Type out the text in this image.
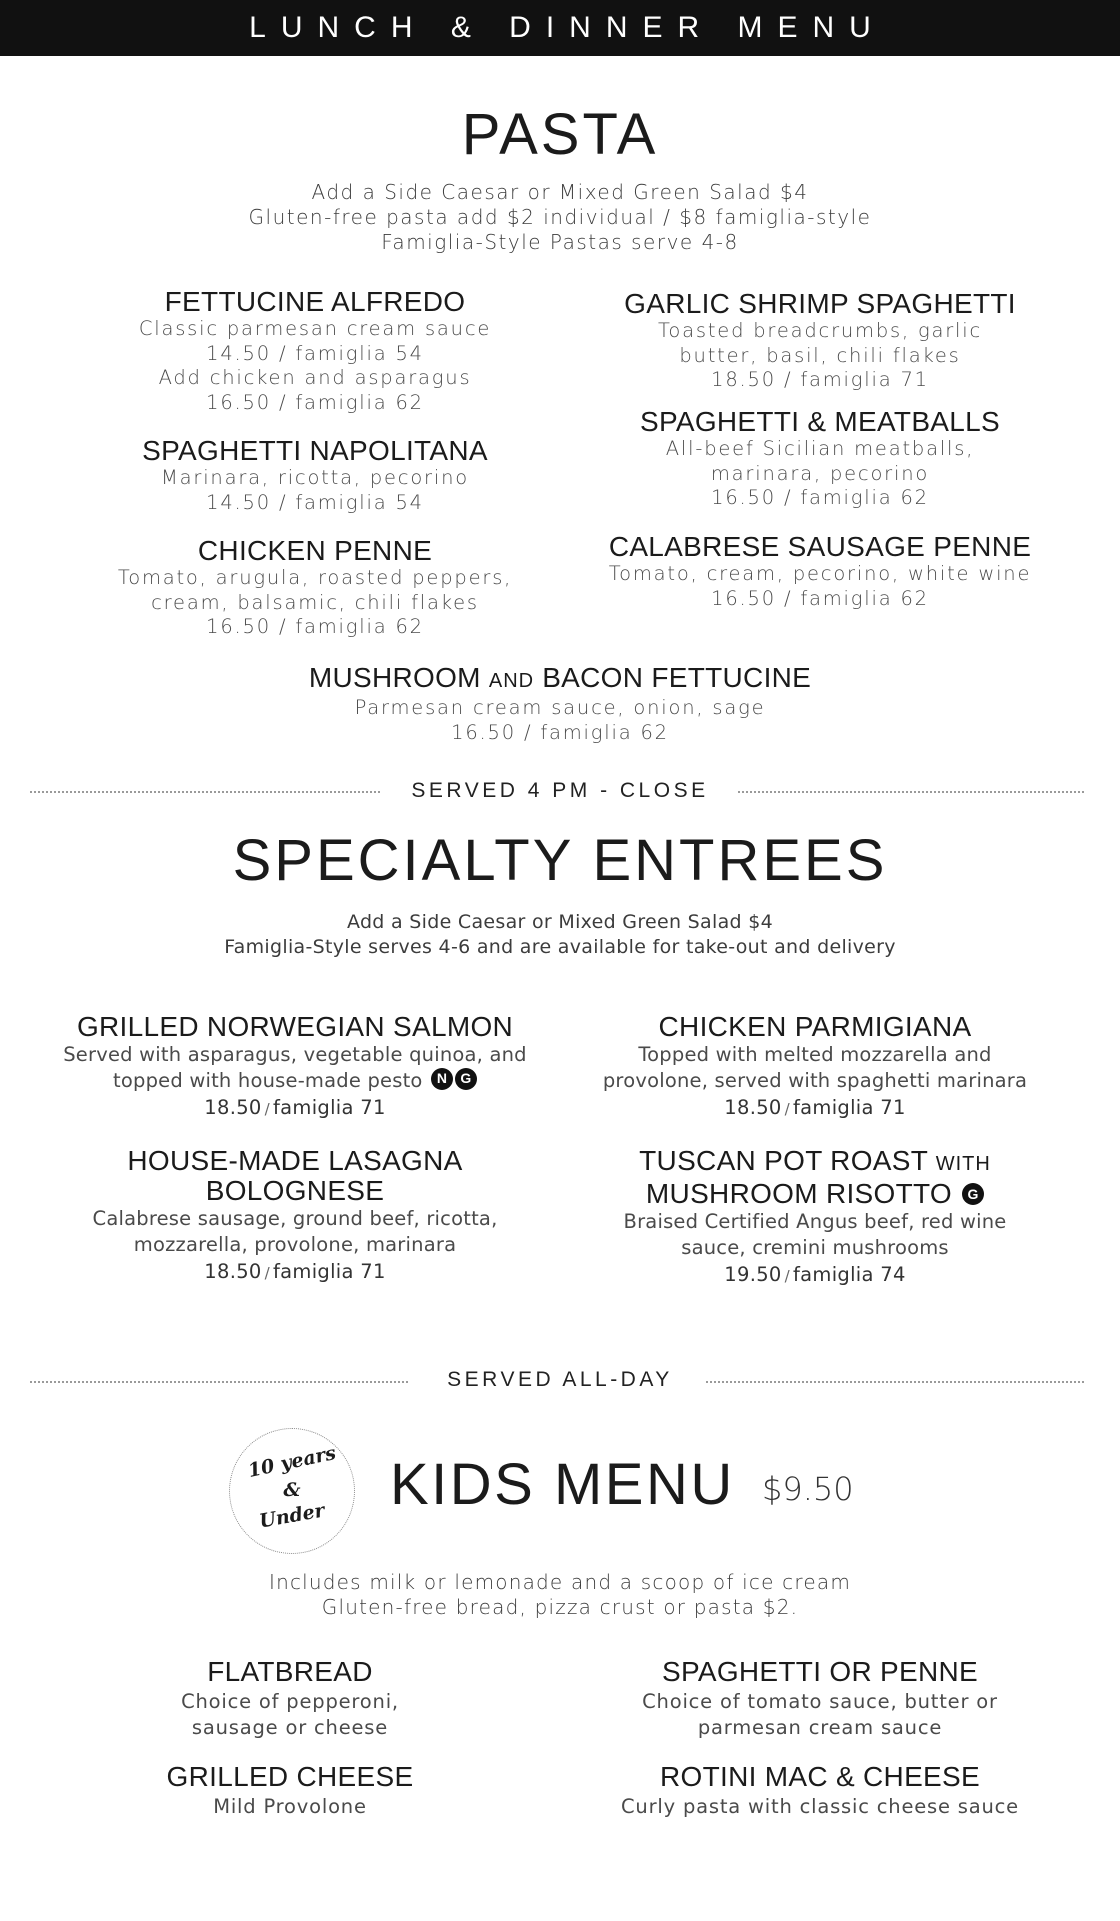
LUNCH & DINNER MENU
PASTA

Add a Side Caesar or Mixed Green Salad $4

Gluten-free pasta add $2 individual / $8 famiglia-style

Famiglia-Style Pastas serve 4-8

FETTUCINE ALFREDO

Classic parmesan cream sauce

14.50 / famiglia 54

Add chicken and asparagus

16.50 / famiglia 62

SPAGHETTI NAPOLITANA

Marinara, ricotta, pecorino

14.50 / famiglia 54

CHICKEN PENNE

Tomato, arugula, roasted peppers,

cream, balsamic, chili flakes

16.50 / famiglia 62

GARLIC SHRIMP SPAGHETTI

Toasted breadcrumbs, garlic

butter, basil, chili flakes

18.50 / famiglia 71

SPAGHETTI & MEATBALLS

All-beef Sicilian meatballs,

marinara, pecorino

16.50 / famiglia 62

CALABRESE SAUSAGE PENNE

Tomato, cream, pecorino, white wine

16.50 / famiglia 62

MUSHROOM AND BACON FETTUCINE

Parmesan cream sauce, onion, sage

16.50 / famiglia 62

SERVED 4 PM - CLOSE
SPECIALTY ENTREES

Add a Side Caesar or Mixed Green Salad $4

Famiglia-Style serves 4-6 and are available for take-out and delivery

GRILLED NORWEGIAN SALMON

Served with asparagus, vegetable quinoa, and

topped with house-made pesto N G

18.50 / famiglia 71

HOUSE-MADE LASAGNA

BOLOGNESE

Calabrese sausage, ground beef, ricotta,

mozzarella, provolone, marinara

18.50 / famiglia 71

CHICKEN PARMIGIANA

Topped with melted mozzarella and

provolone, served with spaghetti marinara

18.50 / famiglia 71

TUSCAN POT ROAST WITH

MUSHROOM RISOTTO G

Braised Certified Angus beef, red wine

sauce, cremini mushrooms

19.50 / famiglia 74

SERVED ALL-DAY
10 years
&
Under	KIDS MENU $9.50

Includes milk or lemonade and a scoop of ice cream

Gluten-free bread, pizza crust or pasta $2.

FLATBREAD

Choice of pepperoni,

sausage or cheese

SPAGHETTI OR PENNE

Choice of tomato sauce, butter or

parmesan cream sauce

GRILLED CHEESE

Mild Provolone

ROTINI MAC & CHEESE

Curly pasta with classic cheese sauce
